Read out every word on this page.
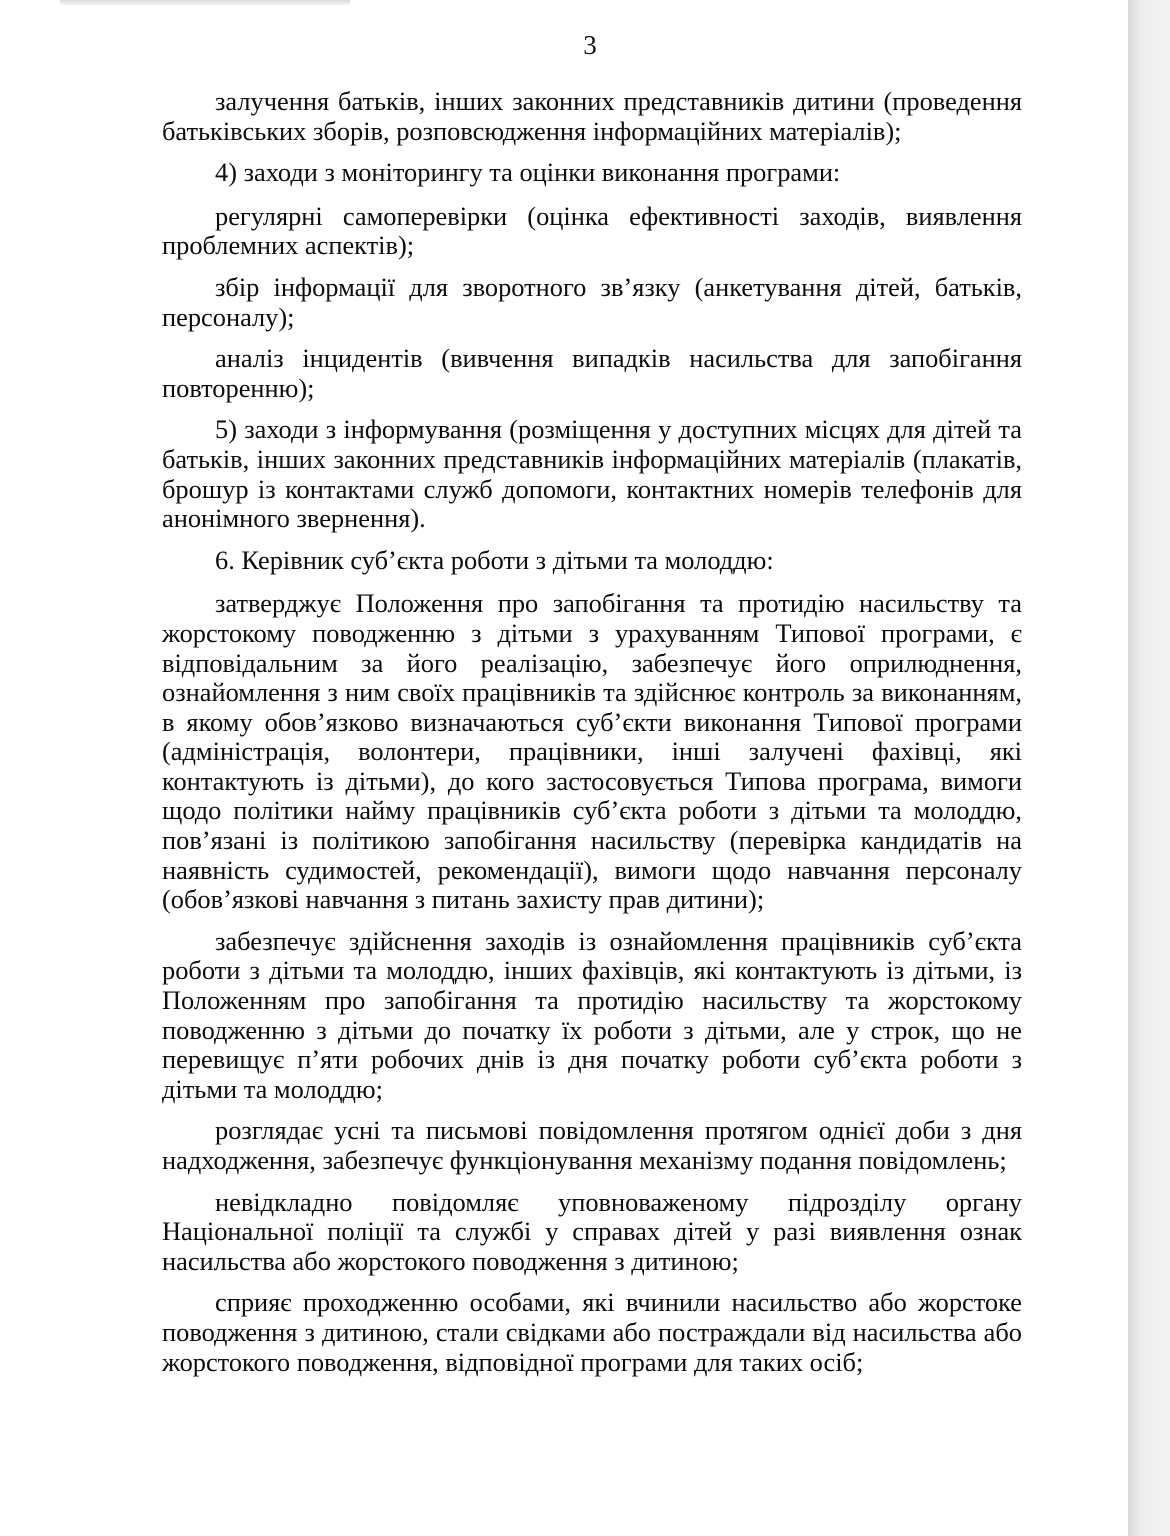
3

залучення батьків, інших законних представників дитини (проведення батьківських зборів, розповсюдження інформаційних матеріалів);

4) заходи з моніторингу та оцінки виконання програми:

регулярні самоперевірки (оцінка ефективності заходів, виявлення проблемних аспектів);

збір інформації для зворотного зв’язку (анкетування дітей, батьків, персоналу);

аналіз інцидентів (вивчення випадків насильства для запобігання повторенню);

5) заходи з інформування (розміщення у доступних місцях для дітей та батьків, інших законних представників інформаційних матеріалів (плакатів, брошур із контактами служб допомоги, контактних номерів телефонів для анонімного звернення).

6. Керівник суб’єкта роботи з дітьми та молоддю:

затверджує Положення про запобігання та протидію насильству та жорстокому поводженню з дітьми з урахуванням Типової програми, є відповідальним за його реалізацію, забезпечує його оприлюднення, ознайомлення з ним своїх працівників та здійснює контроль за виконанням, в якому обов’язково визначаються суб’єкти виконання Типової програми (адміністрація, волонтери, працівники, інші залучені фахівці, які контактують із дітьми), до кого застосовується Типова програма, вимоги щодо політики найму працівників суб’єкта роботи з дітьми та молоддю, пов’язані із політикою запобігання насильству (перевірка кандидатів на наявність судимостей, рекомендації), вимоги щодо навчання персоналу (обов’язкові навчання з питань захисту прав дитини);

забезпечує здійснення заходів із ознайомлення працівників суб’єкта роботи з дітьми та молоддю, інших фахівців, які контактують із дітьми, із Положенням про запобігання та протидію насильству та жорстокому поводженню з дітьми до початку їх роботи з дітьми, але у строк, що не перевищує п’яти робочих днів із дня початку роботи суб’єкта роботи з дітьми та молоддю;

розглядає усні та письмові повідомлення протягом однієї доби з дня надходження, забезпечує функціонування механізму подання повідомлень;

невідкладно повідомляє уповноваженому підрозділу органу Національної поліції та службі у справах дітей у разі виявлення ознак насильства або жорстокого поводження з дитиною;

сприяє проходженню особами, які вчинили насильство або жорстоке поводження з дитиною, стали свідками або постраждали від насильства або жорстокого поводження, відповідної програми для таких осіб;
